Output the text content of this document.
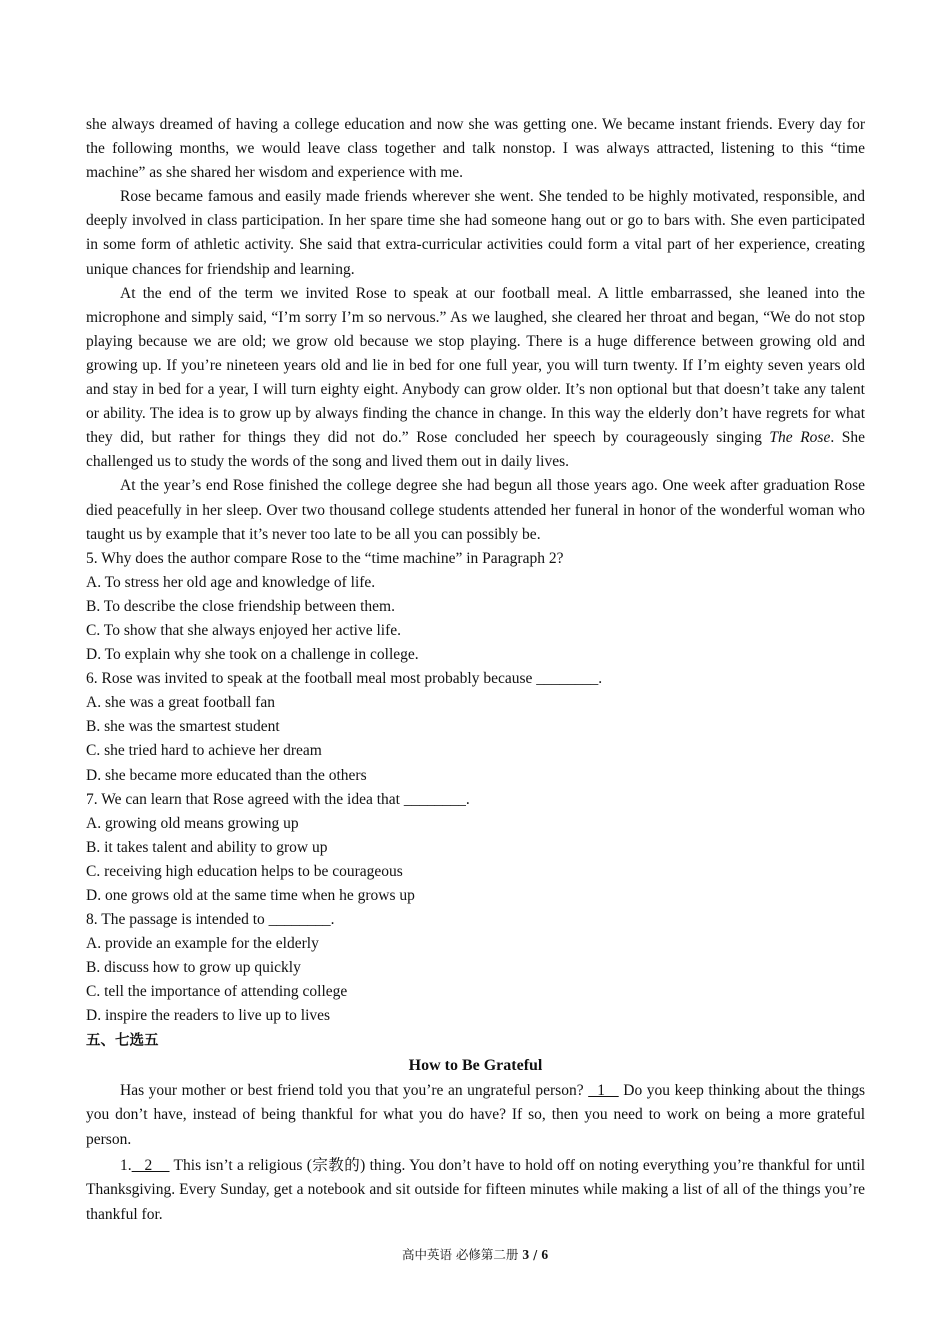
she always dreamed of having a college education and now she was getting one. We became instant friends. Every day for the following months, we would leave class together and talk nonstop. I was always attracted, listening to this “time machine” as she shared her wisdom and experience with me.

Rose became famous and easily made friends wherever she went. She tended to be highly motivated, responsible, and deeply involved in class participation. In her spare time she had someone hang out or go to bars with. She even participated in some form of athletic activity. She said that extra-curricular activities could form a vital part of her experience, creating unique chances for friendship and learning.

At the end of the term we invited Rose to speak at our football meal. A little embarrassed, she leaned into the microphone and simply said, “I’m sorry I’m so nervous.” As we laughed, she cleared her throat and began, “We do not stop playing because we are old; we grow old because we stop playing. There is a huge difference between growing old and growing up. If you’re nineteen years old and lie in bed for one full year, you will turn twenty. If I’m eighty seven years old and stay in bed for a year, I will turn eighty eight. Anybody can grow older. It’s non optional but that doesn’t take any talent or ability. The idea is to grow up by always finding the chance in change. In this way the elderly don’t have regrets for what they did, but rather for things they did not do.” Rose concluded her speech by courageously singing The Rose. She challenged us to study the words of the song and lived them out in daily lives.

At the year’s end Rose finished the college degree she had begun all those years ago. One week after graduation Rose died peacefully in her sleep. Over two thousand college students attended her funeral in honor of the wonderful woman who taught us by example that it’s never too late to be all you can possibly be.

5. Why does the author compare Rose to the “time machine” in Paragraph 2?
A. To stress her old age and knowledge of life.
B. To describe the close friendship between them.
C. To show that she always enjoyed her active life.
D. To explain why she took on a challenge in college.
6. Rose was invited to speak at the football meal most probably because ________.
A. she was a great football fan
B. she was the smartest student
C. she tried hard to achieve her dream
D. she became more educated than the others
7. We can learn that Rose agreed with the idea that ________.
A. growing old means growing up
B. it takes talent and ability to grow up
C. receiving high education helps to be courageous
D. one grows old at the same time when he grows up
8. The passage is intended to ________.
A. provide an example for the elderly
B. discuss how to grow up quickly
C. tell the importance of attending college
D. inspire the readers to live up to lives
五、七选五
How to Be Grateful

Has your mother or best friend told you that you’re an ungrateful person?   1    Do you keep thinking about the things you don’t have, instead of being thankful for what you do have? If so, then you need to work on being a more grateful person.

1.   2     This isn’t a religious (宗教的) thing. You don’t have to hold off on noting everything you’re thankful for until Thanksgiving. Every Sunday, get a notebook and sit outside for fifteen minutes while making a list of all of the things you’re thankful for.

高中英语 必修第二册 3 / 6
